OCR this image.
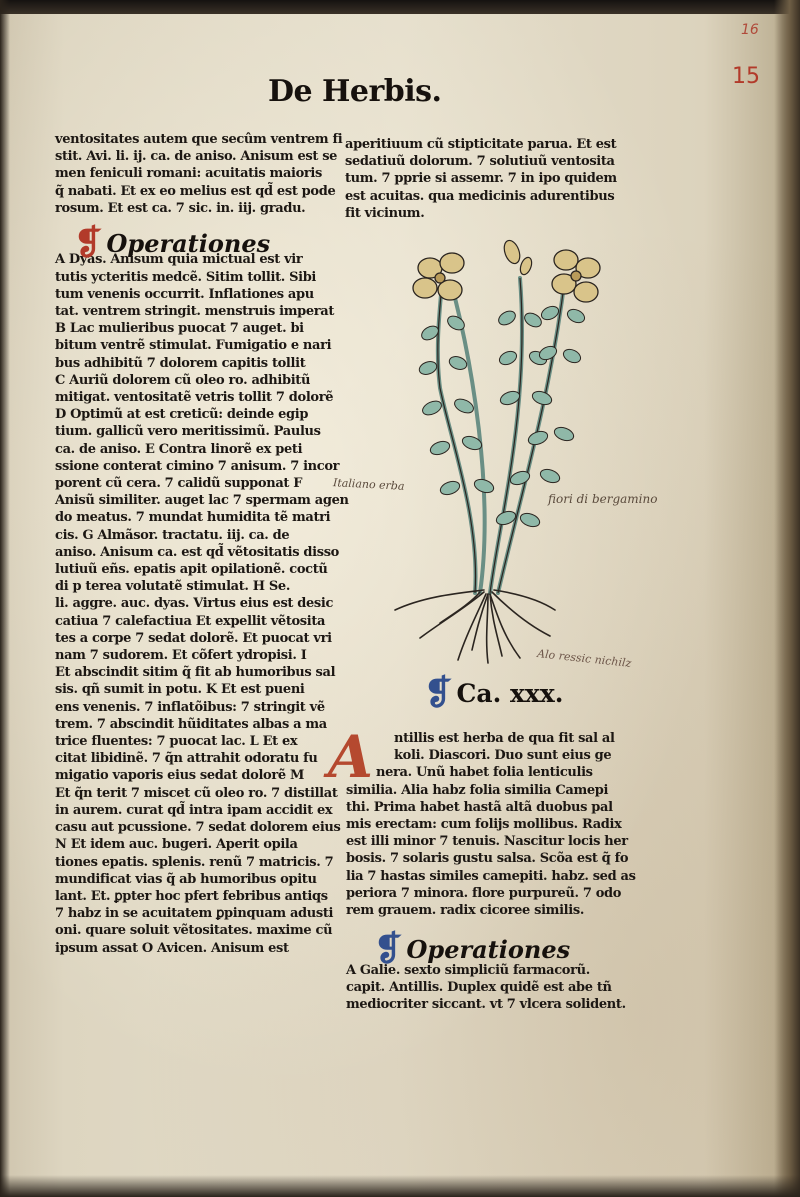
16
15
De Herbis.
ventositates autem que secûm ventrem fi
stit. Avi. li. ij. ca. de aniso. Anisum est se
men feniculi romani: acuitatis maioris
q̃ nabati. Et ex eo melius est qd̃ est pode
rosum. Et est ca. 7 sic. in. iij. gradu.
A Dyas. Anisum quia mictual est vir
tutis ycteritis medcẽ. Sitim tollit. Sibi
tum venenis occurrit. Inflationes apu
tat. ventrem stringit. menstruis imperat
B Lac mulieribus puocat 7 auget. bi
bitum ventrẽ stimulat. Fumigatio e nari
bus adhibitũ 7 dolorem capitis tollit
C Auriũ dolorem cũ oleo ro. adhibitũ
mitigat. ventositatẽ vetris tollit 7 dolorẽ
D Optimũ at est creticũ: deinde egip
tium. gallicũ vero meritissimũ. Paulus
ca. de aniso. E Contra linorẽ ex peti
ssione conterat cimino 7 anisum. 7 incor
porent cũ cera. 7 calidũ supponat F
Anisũ similiter. auget lac 7 spermam agen
do meatus. 7 mundat humidita tẽ matri
cis. G Almãsor. tractatu. iij. ca. de
aniso. Anisum ca. est qd̃ vẽtositatis disso
lutiuũ eñs. epatis apit opilationẽ. coctũ
di p terea volutatẽ stimulat. H Se.
li. aggre. auc. dyas. Virtus eius est desic
catiua 7 calefactiua Et expellit vẽtosita
tes a corpe 7 sedat dolorẽ. Et puocat vri
nam 7 sudorem. Et cõfert ydropisi. I
Et abscindit sitim q̃ fit ab humoribus sal
sis. qñ sumit in potu. K Et est pueni
ens venenis. 7 inflatõibus: 7 stringit vẽ
trem. 7 abscindit hũiditates albas a ma
trice fluentes: 7 puocat lac. L Et ex
citat libidinẽ. 7 q̃n attrahit odoratu fu
migatio vaporis eius sedat dolorẽ M
Et q̃n terit 7 miscet cũ oleo ro. 7 distillat
in aurem. curat qd̃ intra ipam accidit ex
casu aut pcussione. 7 sedat dolorem eius
N Et idem auc. bugeri. Aperit opila
tiones epatis. splenis. renũ 7 matricis. 7
mundificat vias q̃ ab humoribus opitu
lant. Et. ꝑpter hoc pfert febribus antiqs
7 habz in se acuitatem ꝑpinquam adusti
oni. quare soluit vẽtositates. maxime cũ
ipsum assat O Avicen. Anisum est
❡ Operationes
aperitiuum cũ stipticitate parua. Et est
sedatiuũ dolorum. 7 solutiuũ ventosita
tum. 7 pprie si assemr. 7 in ipo quidem
est acuitas. qua medicinis adurentibus
fit vicinum.
Italiano erba
fiori di bergamino
Alo ressic nichilz
❡ Ca. xxx.
A	ntillis est herba de qua fit sal al
koli. Diascori. Duo sunt eius ge
nera. Unũ habet folia lenticulis
similia. Alia habz folia similia Camepi
thi. Prima habet hastã altã duobus pal
mis erectam: cum folijs mollibus. Radix
est illi minor 7 tenuis. Nascitur locis her
bosis. 7 solaris gustu salsa. Scõa est q̃ fo
lia 7 hastas similes camepiti. habz. sed as
periora 7 minora. flore purpureũ. 7 odo
rem grauem. radix cicoree similis.
❡ Operationes
A Galie. sexto simpliciũ farmacorũ.
capit. Antillis. Duplex quidẽ est abe tñ
mediocriter siccant. vt 7 vlcera solident.
